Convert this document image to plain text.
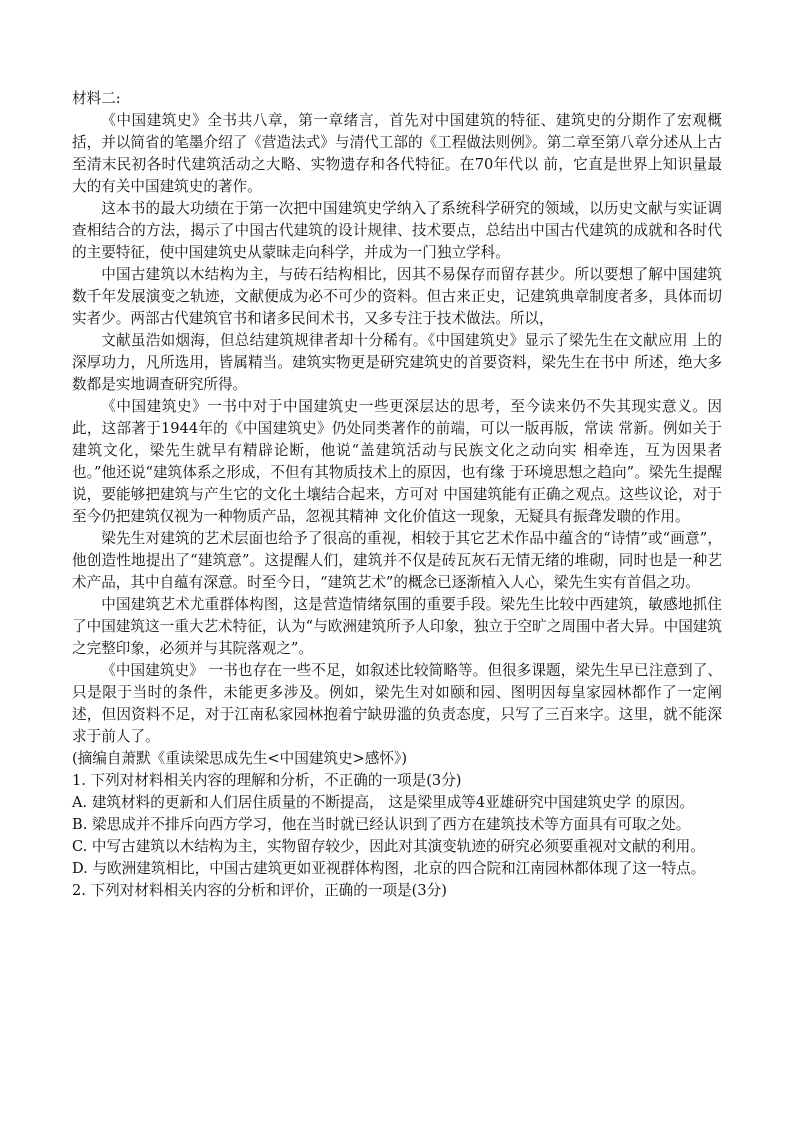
材料二:

《中国建筑史》全书共八章，第一章绪言，首先对中国建筑的特征、建筑史的分期作了宏观概括，并以简省的笔墨介绍了《营造法式》与清代工部的《工程做法则例》。第二章至第八章分述从上古至清末民初各时代建筑活动之大略、实物遗存和各代特征。在70年代以 前，它直是世界上知识量最大的有关中国建筑史的著作。

这本书的最大功绩在于第一次把中国建筑史学纳入了系统科学研究的领域，以历史文献与实证调查相结合的方法，揭示了中国古代建筑的设计规律、技术要点，总结出中国古代建筑的成就和各时代的主要特征，使中国建筑史从蒙昧走向科学，并成为一门独立学科。

中国古建筑以木结构为主，与砖石结构相比，因其不易保存而留存甚少。所以要想了解中国建筑数千年发展演变之轨迹，文献便成为必不可少的资料。但古来正史，记建筑典章制度者多，具体而切实者少。两部古代建筑官书和诸多民间术书，又多专注于技术做法。所以，

文献虽浩如烟海，但总结建筑规律者却十分稀有。《中国建筑史》显示了梁先生在文献应用 上的深厚功力，凡所选用，皆属精当。建筑实物更是研究建筑史的首要资料，梁先生在书中 所述，绝大多数都是实地调查研究所得。

《中国建筑史》一书中对于中国建筑史一些更深层达的思考，至今读来仍不失其现实意义。因此，这部著于1944年的《中国建筑史》仍处同类著作的前端，可以一版再版，常读 常新。例如关于建筑文化，梁先生就早有精辟论断，他说“盖建筑活动与民族文化之动向实 相牵连，互为因果者也。”他还说“建筑体系之形成，不但有其物质技术上的原因，也有缘 于环境思想之趋向”。梁先生提醒说，要能够把建筑与产生它的文化土壤结合起来，方可对 中国建筑能有正确之观点。这些议论，对于至今仍把建筑仅视为一种物质产品，忽视其精神 文化价值这一现象，无疑具有振聋发聩的作用。

梁先生对建筑的艺术层面也给予了很高的重视，相较于其它艺术作品中蕴含的“诗情”或“画意”，他创造性地提出了“建筑意”。这提醒人们，建筑并不仅是砖瓦灰石无情无绪的堆砌，同时也是一种艺术产品，其中自蕴有深意。时至今日，“建筑艺术”的概念已逐渐植入人心，梁先生实有首倡之功。

中国建筑艺术尤重群体构图，这是营造情绪氛围的重要手段。梁先生比较中西建筑，敏感地抓住了中国建筑这一重大艺术特征，认为“与欧洲建筑所予人印象，独立于空旷之周围中者大异。中国建筑之完整印象，必须并与其院落观之”。

《中国建筑史》 一书也存在一些不足，如叙述比较简略等。但很多课题，梁先生早已注意到了、只是限于当时的条件，未能更多涉及。例如，梁先生对如颐和园、图明因每皇家园林都作了一定阐述，但因资料不足，对于江南私家园林抱着宁缺毋滥的负责态度，只写了三百来字。这里，就不能深求于前人了。

(摘编自萧默《重读梁思成先生<中国建筑史>感怀》)

1. 下列对材料相关内容的理解和分析，不正确的一项是(3分)

A. 建筑材料的更新和人们居住质量的不断提高， 这是梁里成等4亚雄研究中国建筑史学 的原因。

B. 梁思成并不排斥向西方学习，他在当时就已经认识到了西方在建筑技术等方面具有可取之处。

C. 中写古建筑以木结构为主，实物留存较少，因此对其演变轨迹的研究必须要重视对文献的利用。

D. 与欧洲建筑相比，中国古建筑更如亚视群体构图，北京的四合院和江南园林都体现了这一特点。

2. 下列对材料相关内容的分析和评价，正确的一项是(3分)
